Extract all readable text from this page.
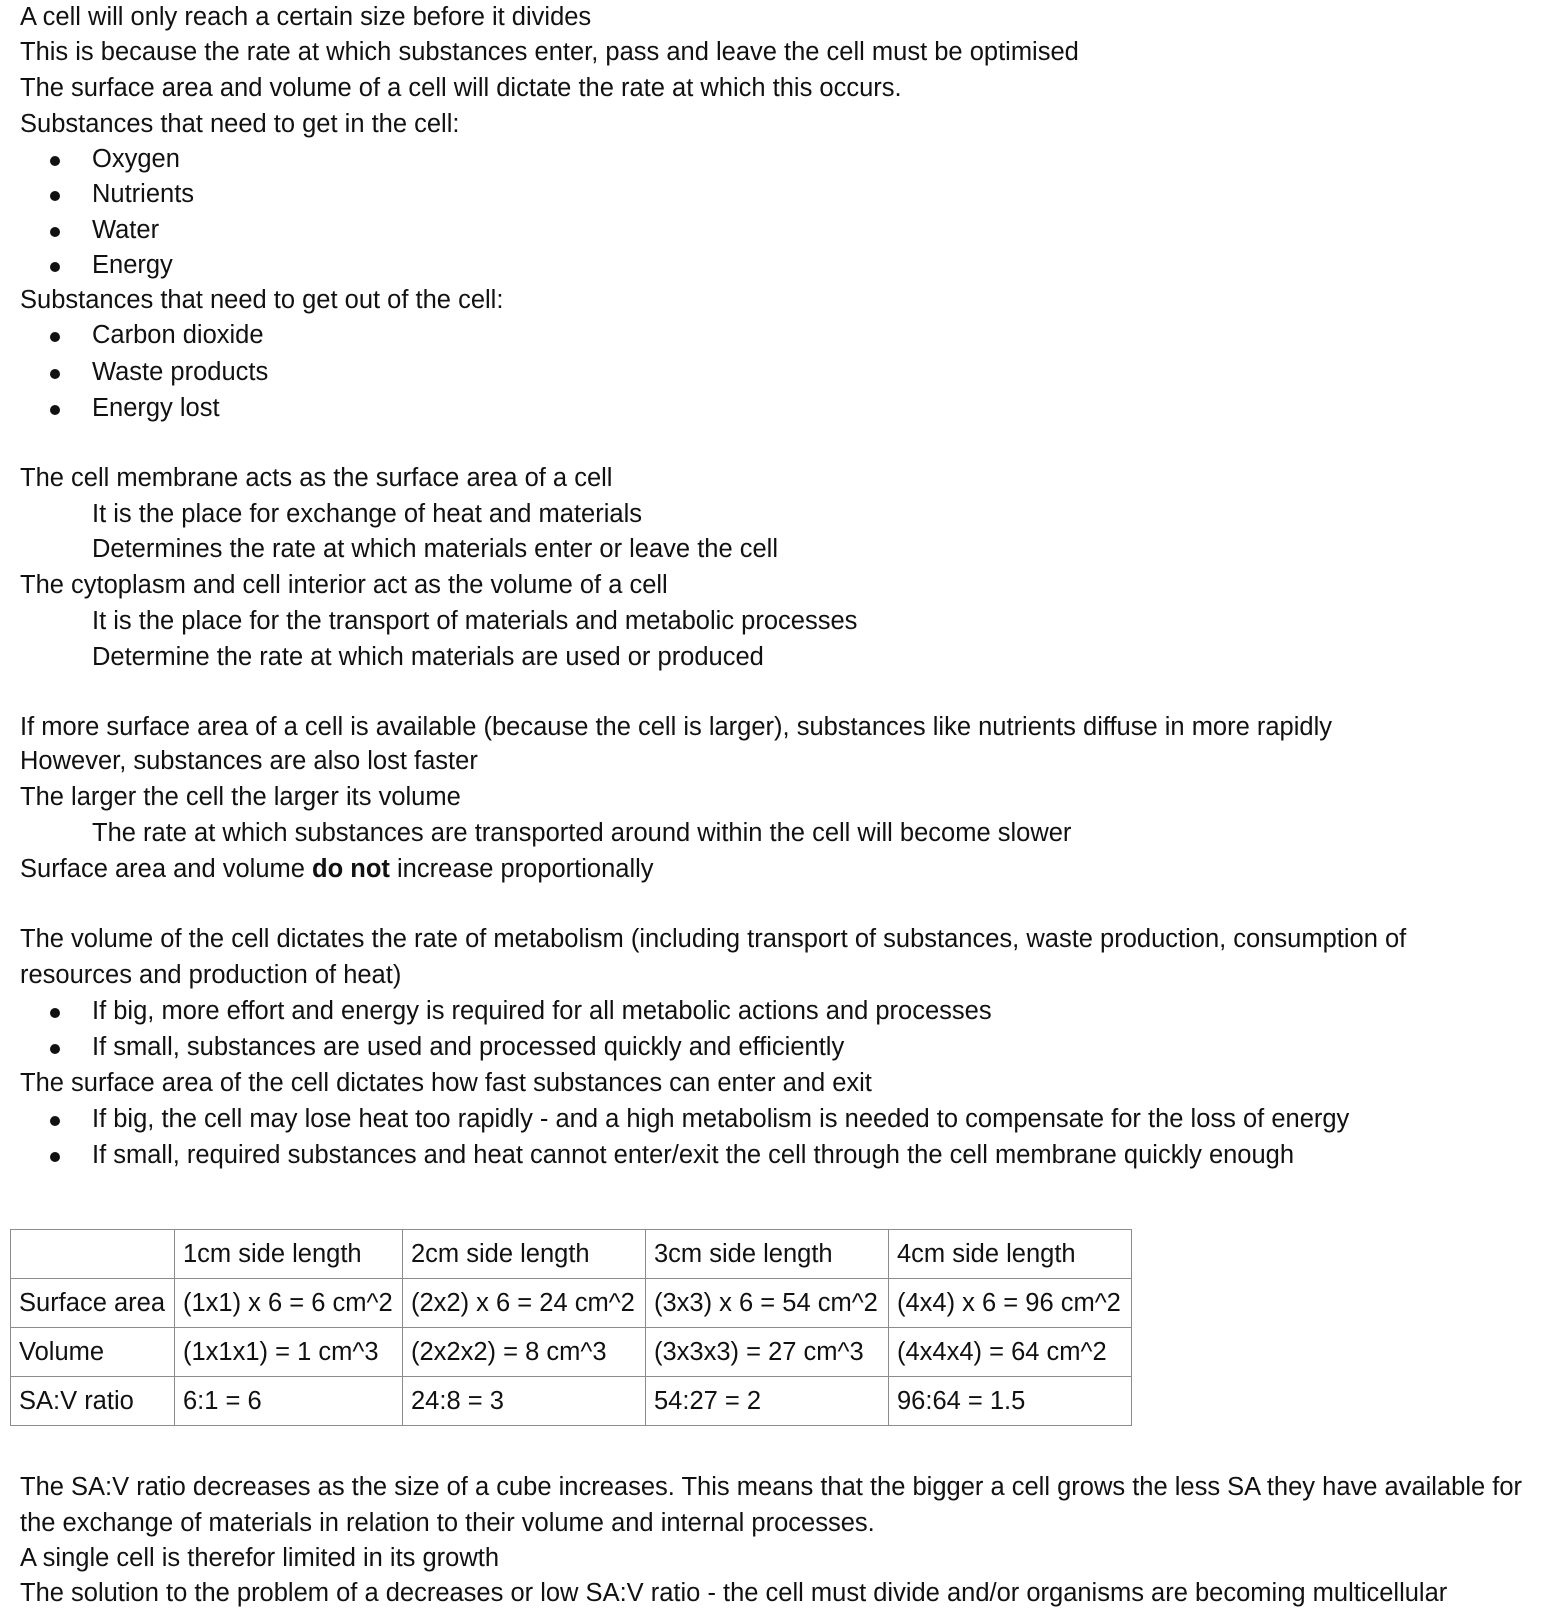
A cell will only reach a certain size before it divides
This is because the rate at which substances enter, pass and leave the cell must be optimised
The surface area and volume of a cell will dictate the rate at which this occurs.
Substances that need to get in the cell:
Oxygen
Nutrients
Water
Energy
Substances that need to get out of the cell:
Carbon dioxide
Waste products
Energy lost
The cell membrane acts as the surface area of a cell
It is the place for exchange of heat and materials
Determines the rate at which materials enter or leave the cell
The cytoplasm and cell interior act as the volume of a cell
It is the place for the transport of materials and metabolic processes
Determine the rate at which materials are used or produced
If more surface area of a cell is available (because the cell is larger), substances like nutrients diffuse in more rapidly
However, substances are also lost faster
The larger the cell the larger its volume
The rate at which substances are transported around within the cell will become slower
Surface area and volume do not increase proportionally
The volume of the cell dictates the rate of metabolism (including transport of substances, waste production, consumption of
resources and production of heat)
If big, more effort and energy is required for all metabolic actions and processes
If small, substances are used and processed quickly and efficiently
The surface area of the cell dictates how fast substances can enter and exit
If big, the cell may lose heat too rapidly - and a high metabolism is needed to compensate for the loss of energy
If small, required substances and heat cannot enter/exit the cell through the cell membrane quickly enough
	1cm side length	2cm side length	3cm side length	4cm side length
Surface area	(1x1) x 6 = 6 cm^2	(2x2) x 6 = 24 cm^2	(3x3) x 6 = 54 cm^2	(4x4) x 6 = 96 cm^2
Volume	(1x1x1) = 1 cm^3	(2x2x2) = 8 cm^3	(3x3x3) = 27 cm^3	(4x4x4) = 64 cm^2
SA:V ratio	6:1 = 6	24:8 = 3	54:27 = 2	96:64 = 1.5
The SA:V ratio decreases as the size of a cube increases. This means that the bigger a cell grows the less SA they have available for
the exchange of materials in relation to their volume and internal processes.
A single cell is therefor limited in its growth
The solution to the problem of a decreases or low SA:V ratio - the cell must divide and/or organisms are becoming multicellular
